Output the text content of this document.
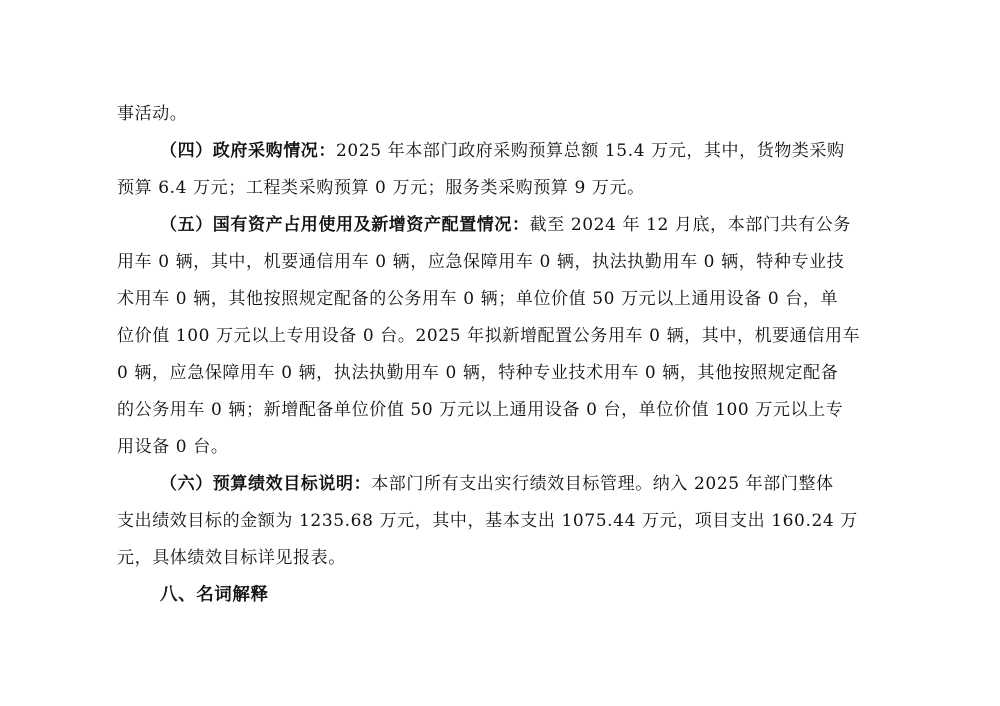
事活动。
（四）政府采购情况：2025 年本部门政府采购预算总额 15.4 万元，其中，货物类采购
预算 6.4 万元；工程类采购预算 0 万元；服务类采购预算 9 万元。
（五）国有资产占用使用及新增资产配置情况：截至 2024 年 12 月底，本部门共有公务
用车 0 辆，其中，机要通信用车 0 辆，应急保障用车 0 辆，执法执勤用车 0 辆，特种专业技
术用车 0 辆，其他按照规定配备的公务用车 0 辆；单位价值 50 万元以上通用设备 0 台，单
位价值 100 万元以上专用设备 0 台。2025 年拟新增配置公务用车 0 辆，其中，机要通信用车
0 辆，应急保障用车 0 辆，执法执勤用车 0 辆，特种专业技术用车 0 辆，其他按照规定配备
的公务用车 0 辆；新增配备单位价值 50 万元以上通用设备 0 台，单位价值 100 万元以上专
用设备 0 台。
（六）预算绩效目标说明：本部门所有支出实行绩效目标管理。纳入 2025 年部门整体
支出绩效目标的金额为 1235.68 万元，其中，基本支出 1075.44 万元，项目支出 160.24 万
元，具体绩效目标详见报表。
八、名词解释
